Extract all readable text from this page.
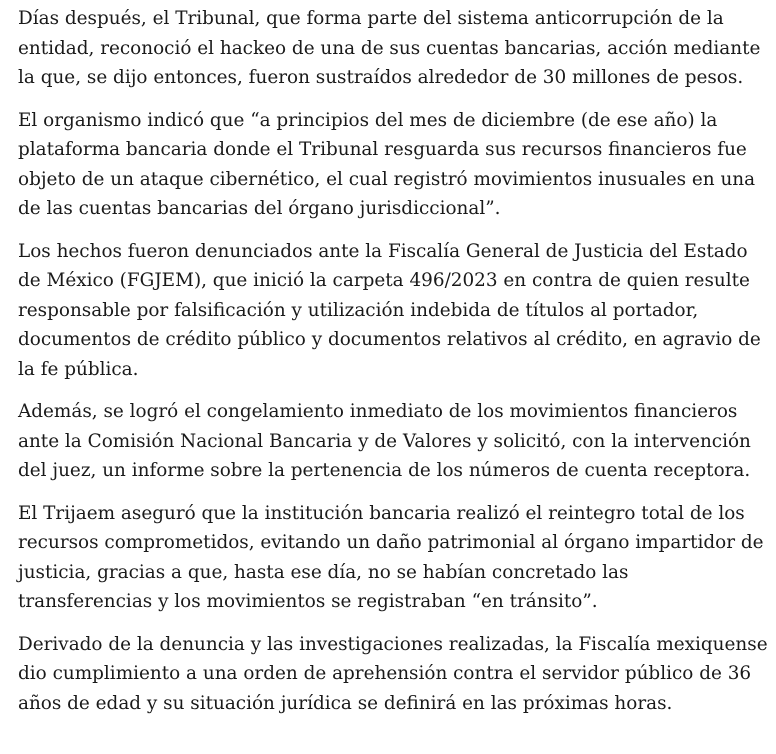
Días después, el Tribunal, que forma parte del sistema anticorrupción de la entidad, reconoció el hackeo de una de sus cuentas bancarias, acción mediante la que, se dijo entonces, fueron sustraídos alrededor de 30 millones de pesos.

El organismo indicó que “a principios del mes de diciembre (de ese año) la plataforma bancaria donde el Tribunal resguarda sus recursos financieros fue objeto de un ataque cibernético, el cual registró movimientos inusuales en una de las cuentas bancarias del órgano jurisdiccional”.

Los hechos fueron denunciados ante la Fiscalía General de Justicia del Estado de México (FGJEM), que inició la carpeta 496/2023 en contra de quien resulte responsable por falsificación y utilización indebida de títulos al portador, documentos de crédito público y documentos relativos al crédito, en agravio de la fe pública.

Además, se logró el congelamiento inmediato de los movimientos financieros ante la Comisión Nacional Bancaria y de Valores y solicitó, con la intervención del juez, un informe sobre la pertenencia de los números de cuenta receptora.

El Trijaem aseguró que la institución bancaria realizó el reintegro total de los recursos comprometidos, evitando un daño patrimonial al órgano impartidor de justicia, gracias a que, hasta ese día, no se habían concretado las transferencias y los movimientos se registraban “en tránsito”.

Derivado de la denuncia y las investigaciones realizadas, la Fiscalía mexiquense dio cumplimiento a una orden de aprehensión contra el servidor público de 36 años de edad y su situación jurídica se definirá en las próximas horas.
